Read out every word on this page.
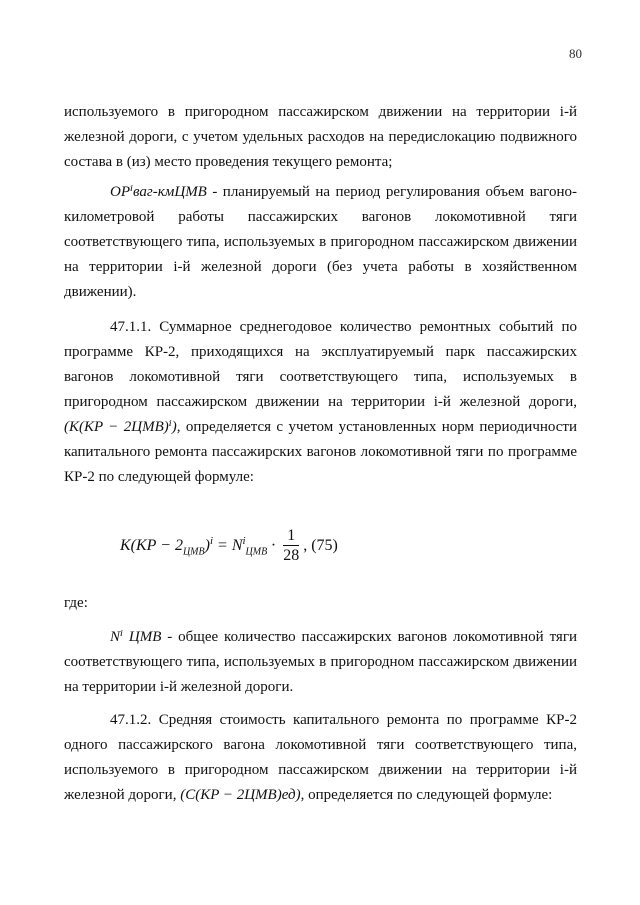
80

используемого в пригородном пассажирском движении на территории i-й железной дороги, с учетом удельных расходов на передислокацию подвижного состава в (из) место проведения текущего ремонта;

OPⁱваг-кмЦМВ - планируемый на период регулирования объем вагоно-километровой работы пассажирских вагонов локомотивной тяги соответствующего типа, используемых в пригородном пассажирском движении на территории i-й железной дороги (без учета работы в хозяйственном движении).

47.1.1. Суммарное среднегодовое количество ремонтных событий по программе КР-2, приходящихся на эксплуатируемый парк пассажирских вагонов локомотивной тяги соответствующего типа, используемых в пригородном пассажирском движении на территории i-й железной дороги, (K(KP − 2ЦМВ)ⁱ), определяется с учетом установленных норм периодичности капитального ремонта пассажирских вагонов локомотивной тяги по программе КР-2 по следующей формуле:

$K(KP - 2_{ЦМВ})^i = N^i_{ЦМВ} \cdot \frac{1}{28}$ , (75)
где:

Nⁱ ЦМВ - общее количество пассажирских вагонов локомотивной тяги соответствующего типа, используемых в пригородном пассажирском движении на территории i-й железной дороги.

47.1.2. Средняя стоимость капитального ремонта по программе КР-2 одного пассажирского вагона локомотивной тяги соответствующего типа, используемого в пригородном пассажирском движении на территории i-й железной дороги, (C(KP − 2ЦМВ)ед), определяется по следующей формуле:
